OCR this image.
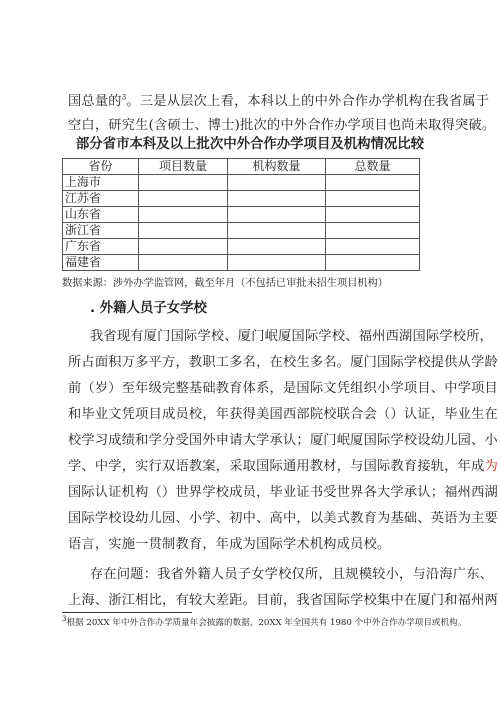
国总量的$^3$。三是从层次上看，本科以上的中外合作办学机构在我省属于
空白，研究生(含硕士、博士)批次的中外合作办学项目也尚未取得突破。
部分省市本科及以上批次中外合作办学项目及机构情况比较
省份	项目数量	机构数量	总数量
上海市			
江苏省			
山东省			
浙江省			
广东省			
福建省			
数据来源：涉外办学监管网，截至年月（不包括已审批未招生项目机构）
. 外籍人员子女学校
我省现有厦门国际学校、厦门岷厦国际学校、福州西湖国际学校所，
所占面积万多平方，教职工多名，在校生多名。厦门国际学校提供从学龄
前（岁）至年级完整基础教育体系，是国际文凭组织小学项目、中学项目
和毕业文凭项目成员校，年获得美国西部院校联合会（）认证，毕业生在
校学习成绩和学分受国外申请大学承认；厦门岷厦国际学校设幼儿园、小
学、中学，实行双语教案，采取国际通用教材，与国际教育接轨，年成为
国际认证机构（）世界学校成员，毕业证书受世界各大学承认；福州西湖
国际学校设幼儿园、小学、初中、高中，以美式教育为基础、英语为主要
语言，实施一贯制教育，年成为国际学术机构成员校。
存在问题：我省外籍人员子女学校仅所，且规模较小，与沿海广东、
上海、浙江相比，有较大差距。目前，我省国际学校集中在厦门和福州两
$^3$根据 20XX 年中外合作办学质量年会披露的数据，20XX 年全国共有 1980 个中外合作办学项目或机构。
